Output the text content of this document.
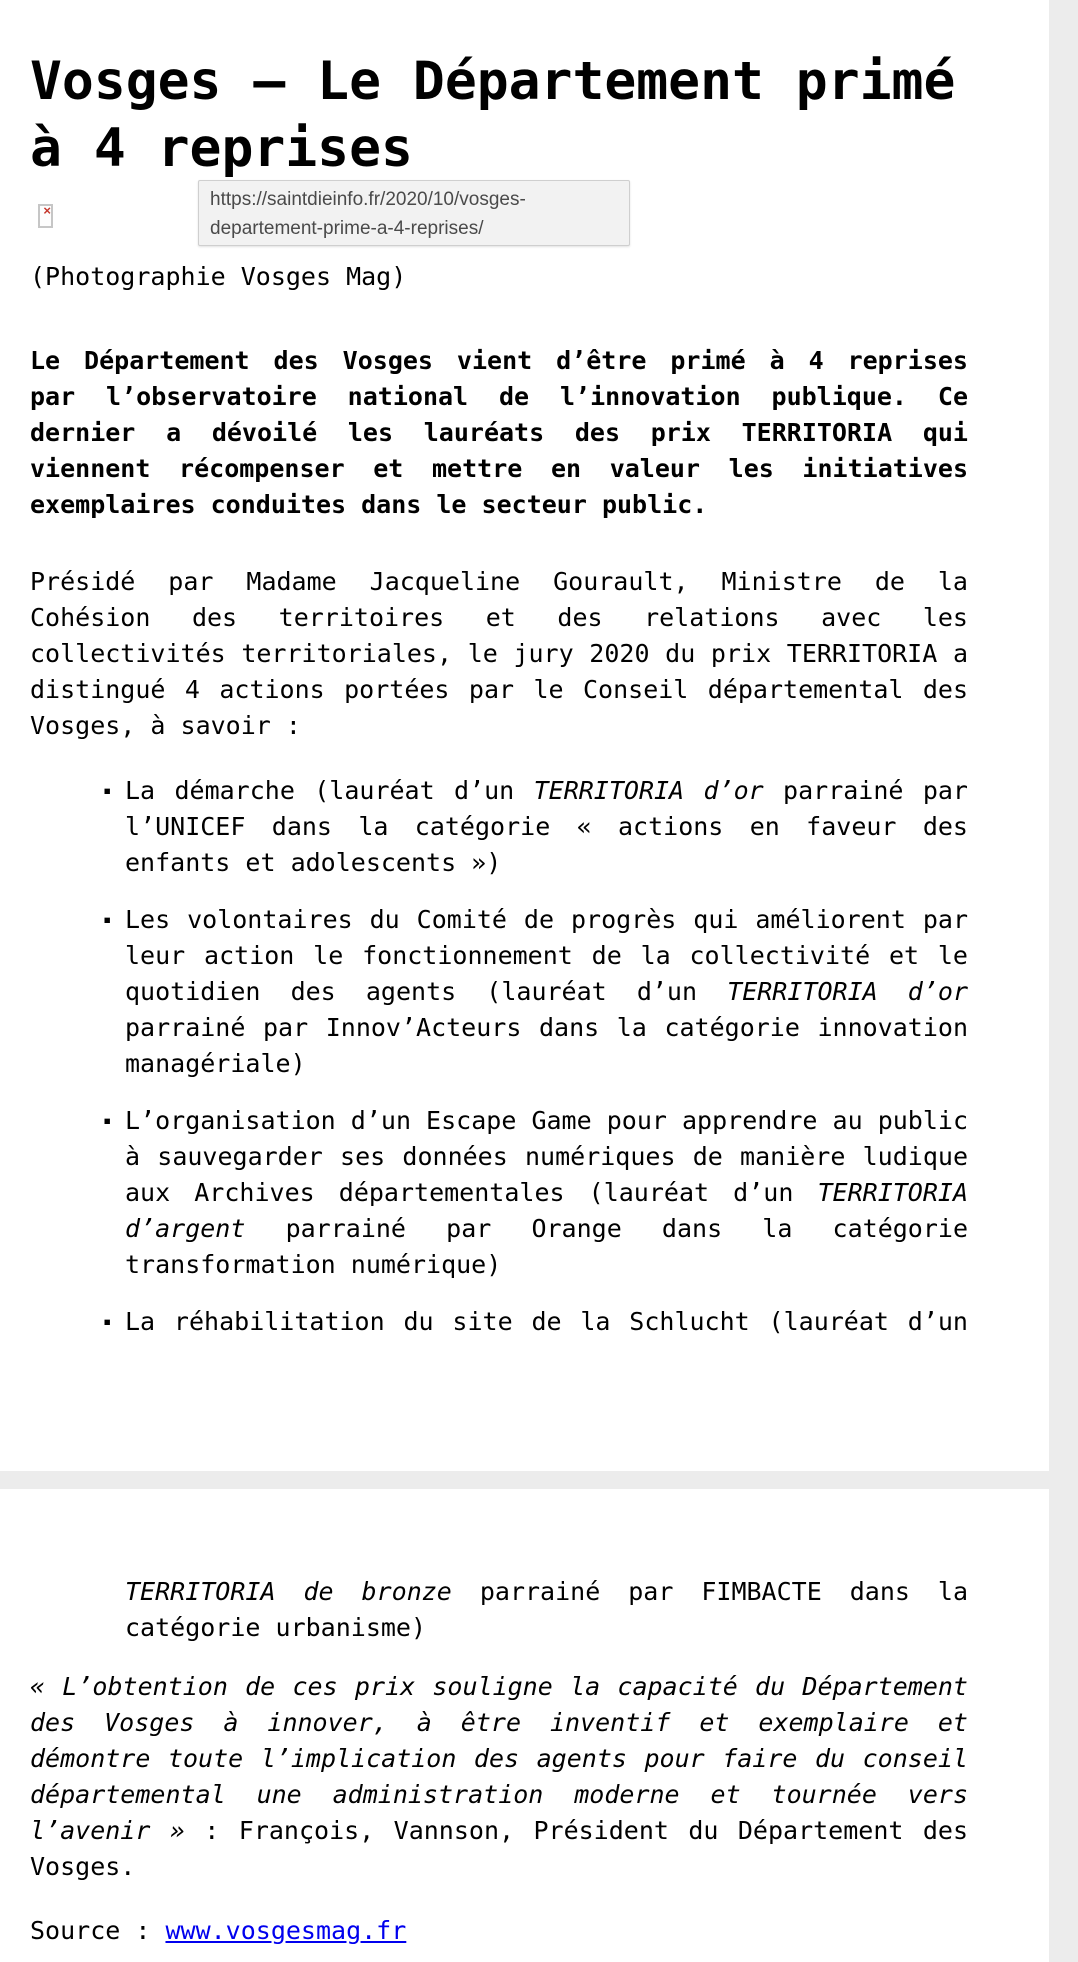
Vosges — Le Département primé
à 4 reprises
×
https://saintdieinfo.fr/2020/10/vosges-
departement-prime-a-4-reprises/
(Photographie Vosges Mag)
Le Département des Vosges vient d’être primé à 4 reprises
par l’observatoire national de l’innovation publique. Ce
dernier a dévoilé les lauréats des prix TERRITORIA qui
viennent récompenser et mettre en valeur les initiatives
exemplaires conduites dans le secteur public.
Présidé par Madame Jacqueline Gourault, Ministre de la
Cohésion des territoires et des relations avec les
collectivités territoriales, le jury 2020 du prix TERRITORIA a
distingué 4 actions portées par le Conseil départemental des
Vosges, à savoir :
▪ La démarche (lauréat d’un TERRITORIA d’or parrainé par
l’UNICEF dans la catégorie « actions en faveur des
enfants et adolescents »)
▪ Les volontaires du Comité de progrès qui améliorent par
leur action le fonctionnement de la collectivité et le
quotidien des agents (lauréat d’un TERRITORIA d’or
parrainé par Innov’Acteurs dans la catégorie innovation
managériale)
▪ L’organisation d’un Escape Game pour apprendre au public
à sauvegarder ses données numériques de manière ludique
aux Archives départementales (lauréat d’un TERRITORIA
d’argent parrainé par Orange dans la catégorie
transformation numérique)
▪ La réhabilitation du site de la Schlucht (lauréat d’un
TERRITORIA de bronze parrainé par FIMBACTE dans la
catégorie urbanisme)
« L’obtention de ces prix souligne la capacité du Département
des Vosges à innover, à être inventif et exemplaire et
démontre toute l’implication des agents pour faire du conseil
départemental une administration moderne et tournée vers
l’avenir » : François, Vannson, Président du Département des
Vosges.
Source : www.vosgesmag.fr
